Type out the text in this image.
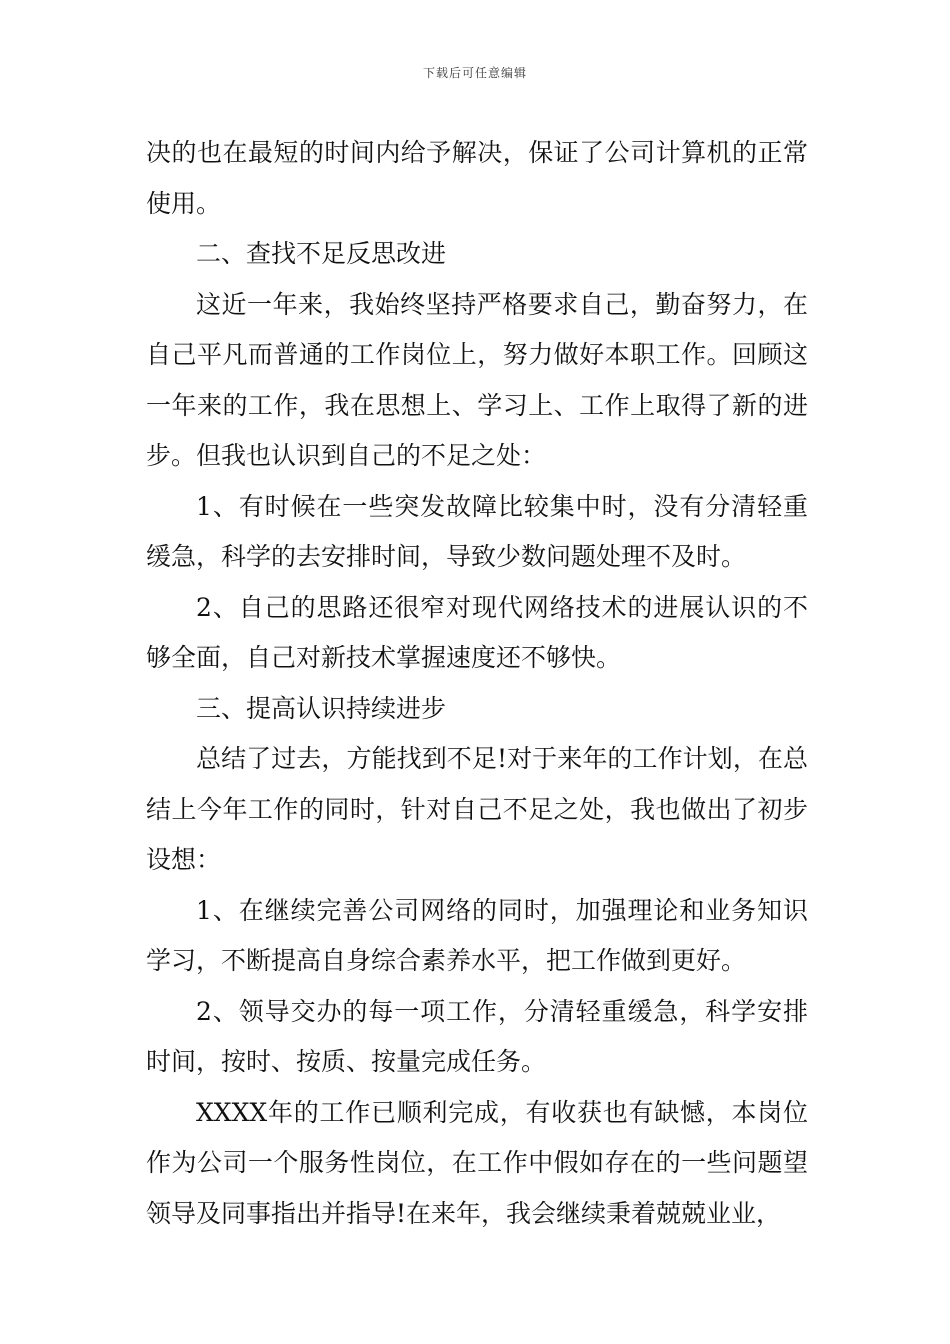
下载后可任意编辑

决的也在最短的时间内给予解决，保证了公司计算机的正常使用。

二、查找不足反思改进

这近一年来，我始终坚持严格要求自己，勤奋努力，在自己平凡而普通的工作岗位上，努力做好本职工作。回顾这一年来的工作，我在思想上、学习上、工作上取得了新的进步。但我也认识到自己的不足之处：

1、有时候在一些突发故障比较集中时，没有分清轻重缓急，科学的去安排时间，导致少数问题处理不及时。

2、自己的思路还很窄对现代网络技术的进展认识的不够全面，自己对新技术掌握速度还不够快。

三、提高认识持续进步

总结了过去，方能找到不足!对于来年的工作计划，在总结上今年工作的同时，针对自己不足之处，我也做出了初步设想：

1、在继续完善公司网络的同时，加强理论和业务知识学习，不断提高自身综合素养水平，把工作做到更好。

2、领导交办的每一项工作，分清轻重缓急，科学安排时间，按时、按质、按量完成任务。

XXXX年的工作已顺利完成，有收获也有缺憾，本岗位作为公司一个服务性岗位，在工作中假如存在的一些问题望领导及同事指出并指导!在来年，我会继续秉着兢兢业业，
